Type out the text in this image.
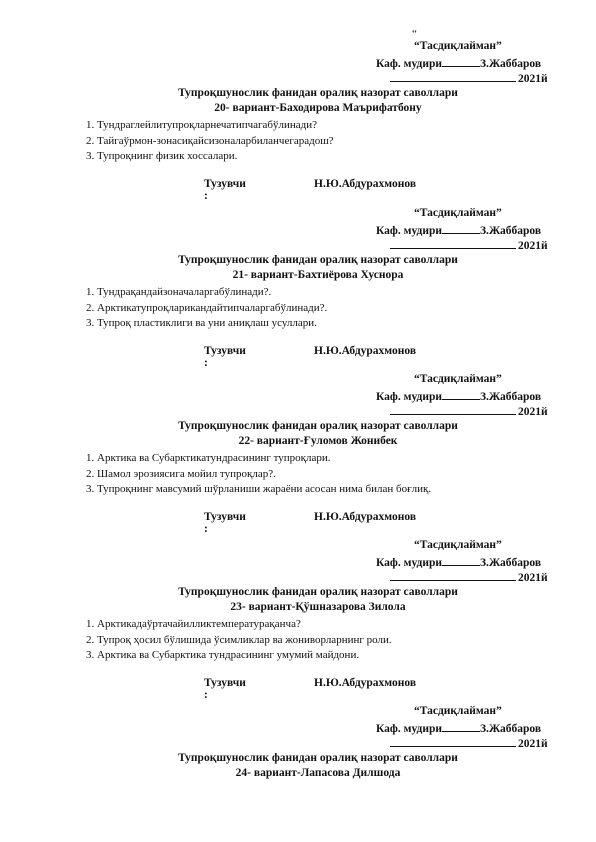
“
“Тасдиқлайман”
Каф. мудири	З.Жаббаров
2021й
Тупроқшунослик фанидан оралиқ назорат саволлари
20- вариант-Баходирова Маърифатбону
1. Тундраглейлитупроқларнечатипчагабўлинади?
2. Тайгаўрмон-зонасиқайсизоналарбиланчегарадош?
3. Тупроқнинг физик хоссалари.
Тузувчи :
Н.Ю.Абдурахмонов
“Тасдиқлайман”
Каф. мудири	З.Жаббаров
2021й
Тупроқшунослик фанидан оралиқ назорат саволлари
21- вариант-Бахтиёрова Хуснора
1. Тундрақандайзоначаларгабўлинади?.
2. Арктикатупроқларикандайтипчаларгабўлинади?.
3. Тупроқ пластиклиги ва уни аниқлаш усуллари.
Тузувчи :
Н.Ю.Абдурахмонов
“Тасдиқлайман”
Каф. мудири	З.Жаббаров
2021й
Тупроқшунослик фанидан оралиқ назорат саволлари
22- вариант-Ғуломов Жонибек
1. Арктика ва Субарктикатундрасининг тупроқлари.
2. Шамол эрозиясига мойил тупроқлар?.
3. Тупроқнинг мавсумий шўрланиши жараёни асосан нима билан боғлиқ.
Тузувчи :
Н.Ю.Абдурахмонов
“Тасдиқлайман”
Каф. мудири	З.Жаббаров
2021й
Тупроқшунослик фанидан оралиқ назорат саволлари
23- вариант-Қўшназарова Зилола
1. Арктикадаўртачайилликтемпературақанча?
2. Тупроқ ҳосил бўлишида ўсимликлар ва жониворларнинг роли.
3. Арктика ва Субарктика тундрасининг умумий майдони.
Тузувчи :
Н.Ю.Абдурахмонов
“Тасдиқлайман”
Каф. мудири	З.Жаббаров
2021й
Тупроқшунослик фанидан оралиқ назорат саволлари
24- вариант-Лапасова Дилшода
